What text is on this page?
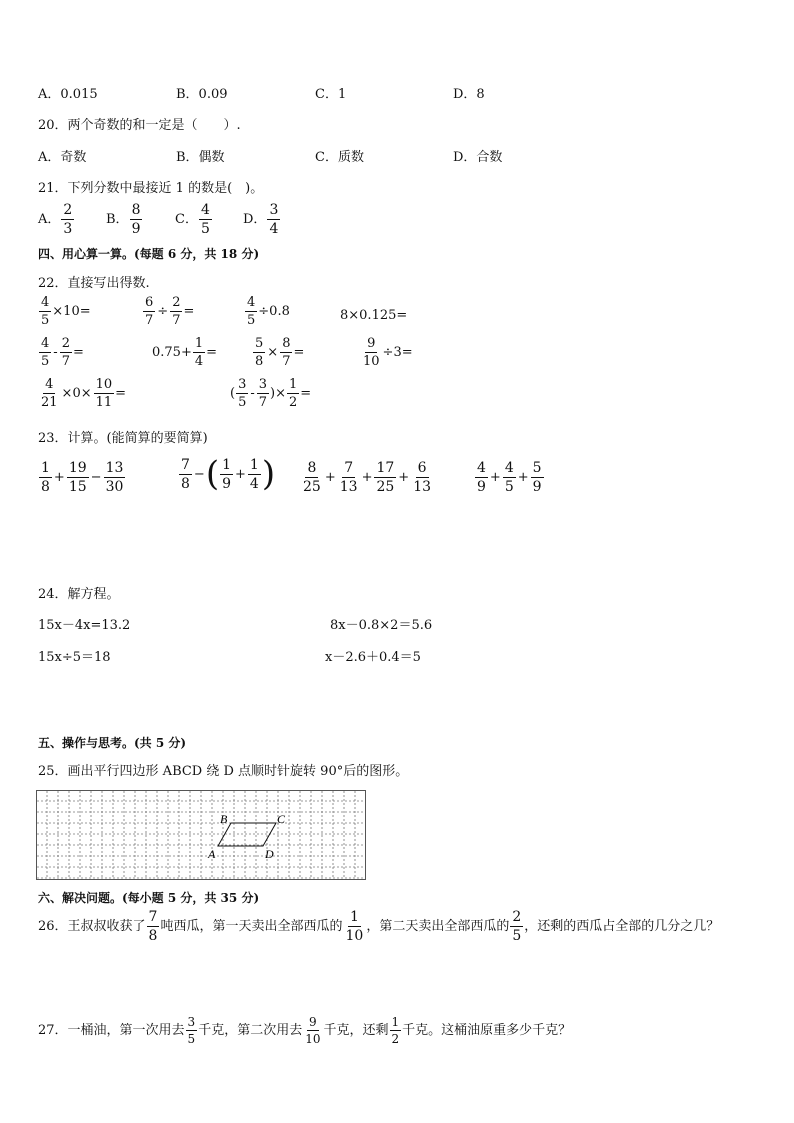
A．0.015	B．0.09	C．1	D．8
20．两个奇数的和一定是（　　）.
A．奇数	B．偶数	C．质数	D．合数
21．下列分数中最接近 1 的数是(　)。
A． $\frac{2}{3}$ B． $\frac{8}{9}$	C． $\frac{4}{5}$ D． $\frac{3}{4}$
四、用心算一算。(每题 6 分，共 18 分)
22．直接写出得数.
$\frac{4}{5} \times 10=$	$\frac{6}{7} \div \frac{2}{7}$ =	$\frac{4}{5} \div 0.8$	8×0.125=
$\frac{4}{5} - \frac{2}{7}$ =	$0.75+ \frac{1}{4}$ =	$\frac{5}{8} \times \frac{8}{7}$ =	$\frac{9}{10} \div 3=$
$\frac{4}{21} \times 0\times \frac{10}{11}$ =	( $\frac{3}{5} - \frac{3}{7}$ )× $\frac{1}{2}$ =
23．计算。(能简算的要简算)
$\frac{1}{8} + \frac{19}{15} - \frac{13}{30}$	$\frac{7}{8}$ −( $\frac{1}{9} + \frac{1}{4}$ ) $\frac{8}{25} + \frac{7}{13} + \frac{17}{25} + \frac{6}{13}$	$\frac{4}{9} + \frac{4}{5} + \frac{5}{9}$
24．解方程。
15x－4x=13.2	8x－0.8×2＝5.6
15x÷5＝18	x－2.6＋0.4＝5
五、操作与思考。(共 5 分)
25．画出平行四边形 ABCD 绕 D 点顺时针旋转 90°后的图形。
A
B	C
D
六、解决问题。(每小题 5 分，共 35 分)
26．王叔叔收获了 $\frac{7}{8}$ 吨西瓜，第一天卖出全部西瓜的 $\frac{1}{10}$ ，第二天卖出全部西瓜的 $\frac{2}{5}$ ，还剩的西瓜占全部的几分之几？
27．一桶油，第一次用去 $\frac{3}{5}$ 千克，第二次用去 $\frac{9}{10}$ 千克，还剩 $\frac{1}{2}$ 千克。这桶油原重多少千克？
